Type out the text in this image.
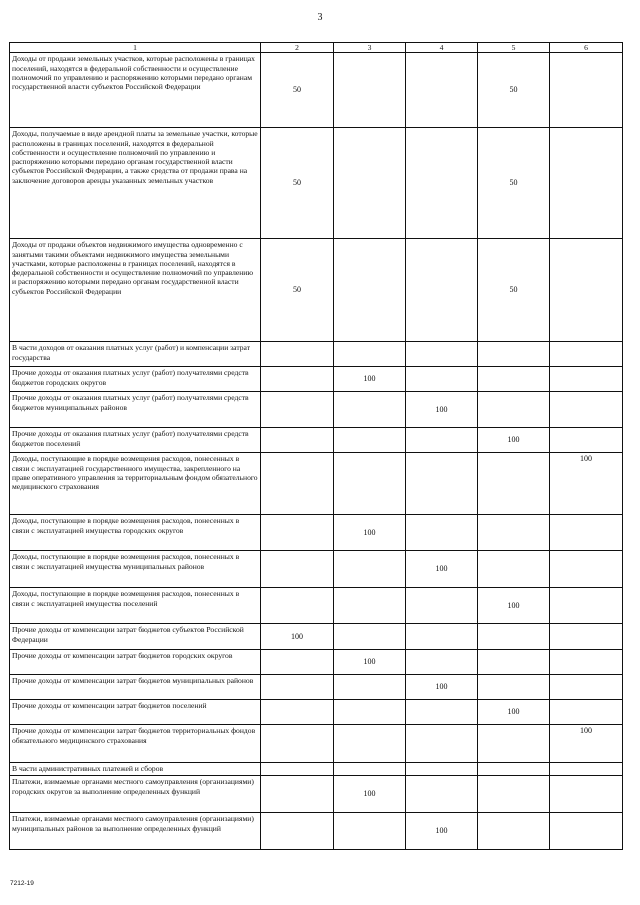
3
1	2	3	4	5	6
Доходы от продажи земельных участков, которые расположены в границах поселений, находятся в федеральной собственности и осуществление полномочий по управлению и распоряжению которыми передано органам государственной власти субъектов Российской Федерации	50			50	
Доходы, получаемые в виде арендной платы за земельные участки, которые расположены в границах поселений, находятся в федеральной собственности и осуществление полномочий по управлению и распоряжению которыми передано органам государственной власти субъектов Российской Федерации, а также средства от продажи права на заключение договоров аренды указанных земельных участков	50			50	
Доходы от продажи объектов недвижимого имущества одновременно с занятыми такими объектами недвижимого имущества земельными участками, которые расположены в границах поселений, находятся в федеральной собственности и осуществление полномочий по управлению и распоряжению которыми передано органам государственной власти субъектов Российской Федерации	50			50	
В части доходов от оказания платных услуг (работ) и компенсации затрат государства					
Прочие доходы от оказания платных услуг (работ) получателями средств бюджетов городских округов		100			
Прочие доходы от оказания платных услуг (работ) получателями средств бюджетов муниципальных районов			100		
Прочие доходы от оказания платных услуг (работ) получателями средств бюджетов поселений				100	
Доходы, поступающие в порядке возмещения расходов, понесенных в связи с эксплуатацией государственного имущества, закрепленного на праве оперативного управления за территориальным фондом обязательного медицинского страхования					100
Доходы, поступающие в порядке возмещения расходов, понесенных в связи с эксплуатацией имущества городских округов		100			
Доходы, поступающие в порядке возмещения расходов, понесенных в связи с эксплуатацией имущества муниципальных районов			100		
Доходы, поступающие в порядке возмещения расходов, понесенных в связи с эксплуатацией имущества поселений				100	
Прочие доходы от компенсации затрат бюджетов субъектов Российской Федерации	100				
Прочие доходы от компенсации затрат бюджетов городских округов		100			
Прочие доходы от компенсации затрат бюджетов муниципальных районов			100		
Прочие доходы от компенсации затрат бюджетов поселений				100	
Прочие доходы от компенсации затрат бюджетов территориальных фондов обязательного медицинского страхования					100
В части административных платежей и сборов					
Платежи, взимаемые органами местного самоуправления (организациями) городских округов за выполнение определенных функций		100			
Платежи, взимаемые органами местного самоуправления (организациями) муниципальных районов за выполнение определенных функций			100		
7212-19
